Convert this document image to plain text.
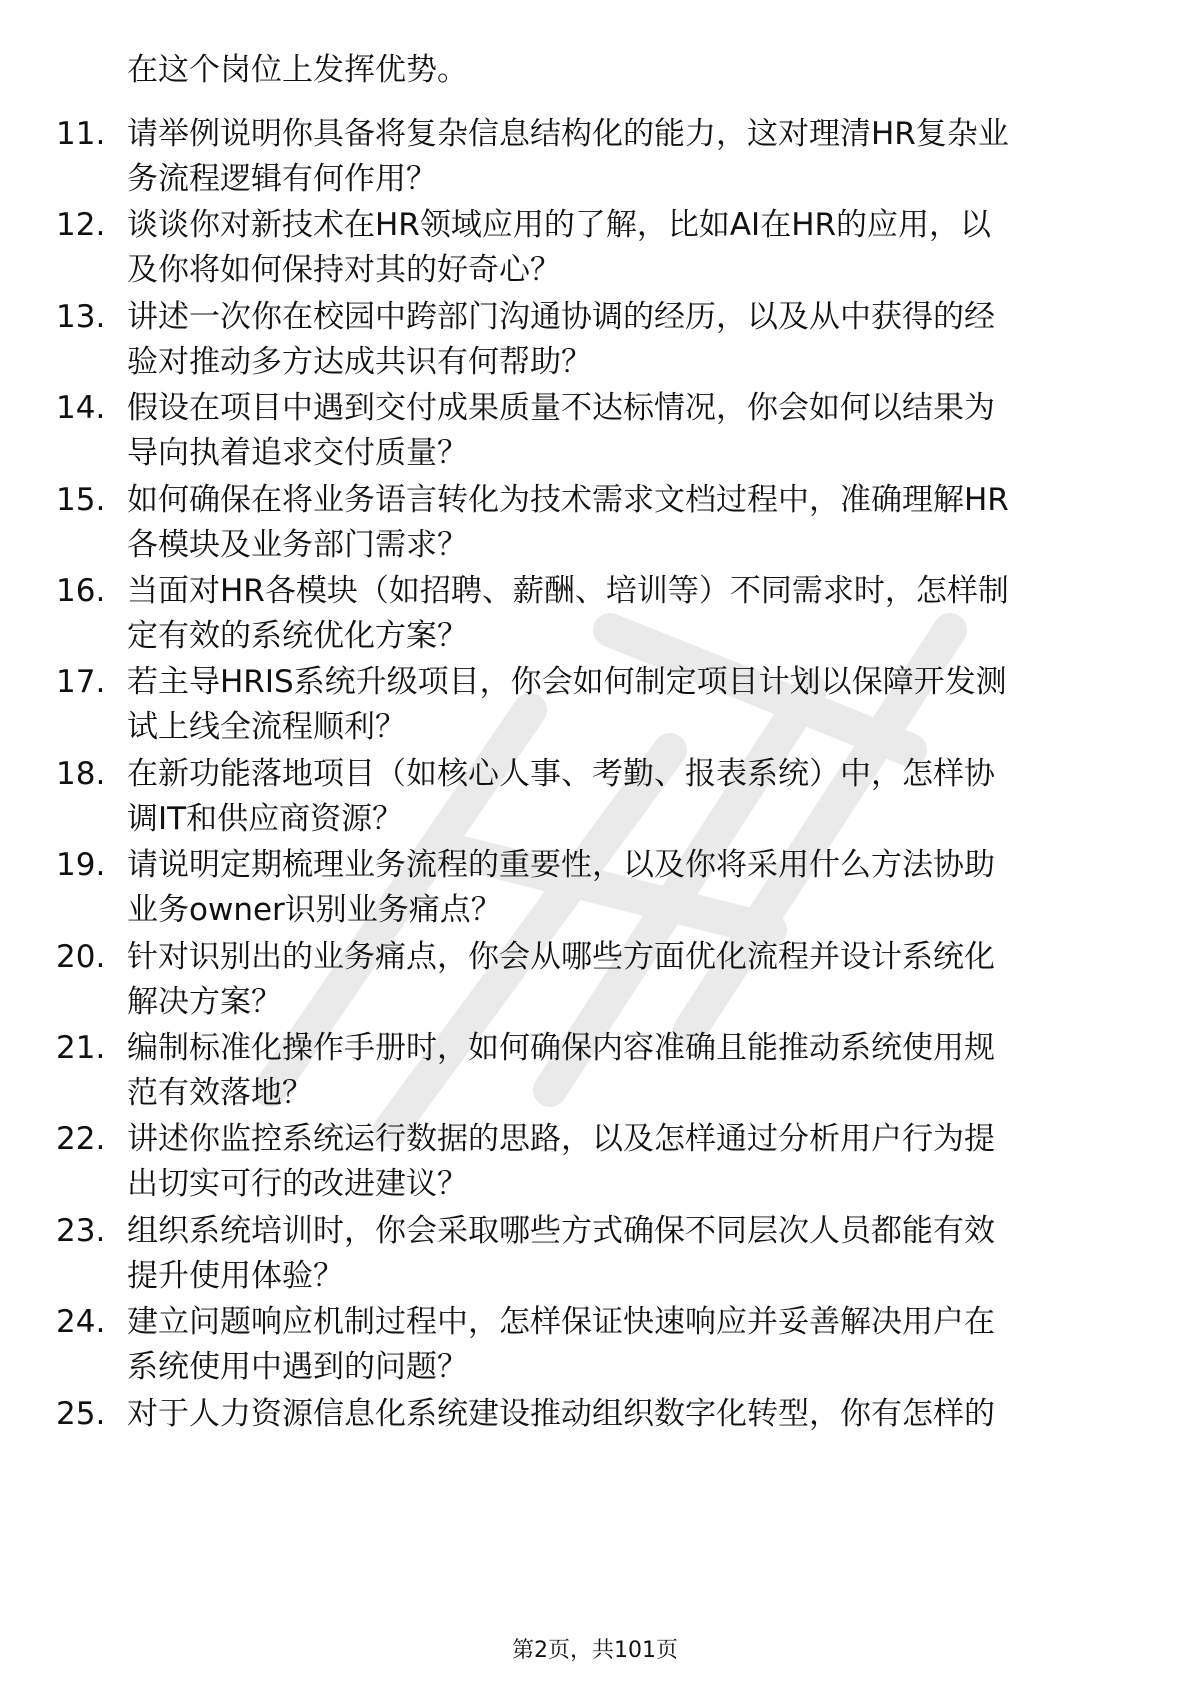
在这个岗位上发挥优势。
11. 请举例说明你具备将复杂信息结构化的能力，这对理清HR复杂业
务流程逻辑有何作用？
12. 谈谈你对新技术在HR领域应用的了解，比如AI在HR的应用，以
及你将如何保持对其的好奇心？
13. 讲述一次你在校园中跨部门沟通协调的经历，以及从中获得的经
验对推动多方达成共识有何帮助？
14. 假设在项目中遇到交付成果质量不达标情况，你会如何以结果为
导向执着追求交付质量？
15. 如何确保在将业务语言转化为技术需求文档过程中，准确理解HR
各模块及业务部门需求？
16. 当面对HR各模块（如招聘、薪酬、培训等）不同需求时，怎样制
定有效的系统优化方案？
17. 若主导HRIS系统升级项目，你会如何制定项目计划以保障开发测
试上线全流程顺利？
18. 在新功能落地项目（如核心人事、考勤、报表系统）中，怎样协
调IT和供应商资源？
19. 请说明定期梳理业务流程的重要性，以及你将采用什么方法协助
业务owner识别业务痛点？
20. 针对识别出的业务痛点，你会从哪些方面优化流程并设计系统化
解决方案？
21. 编制标准化操作手册时，如何确保内容准确且能推动系统使用规
范有效落地？
22. 讲述你监控系统运行数据的思路，以及怎样通过分析用户行为提
出切实可行的改进建议？
23. 组织系统培训时，你会采取哪些方式确保不同层次人员都能有效
提升使用体验？
24. 建立问题响应机制过程中，怎样保证快速响应并妥善解决用户在
系统使用中遇到的问题？
25. 对于人力资源信息化系统建设推动组织数字化转型，你有怎样的
第2页，共101页
